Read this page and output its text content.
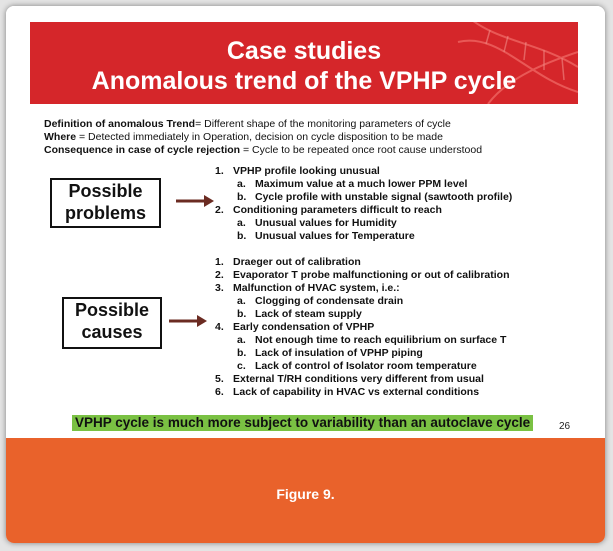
Case studies
Anomalous trend of the VPHP cycle
Definition of anomalous Trend= Different shape of the monitoring parameters of cycle
Where = Detected immediately in Operation, decision on cycle disposition to be made
Consequence in case of cycle rejection = Cycle to be repeated once root cause understood
Possible
problems
1. VPHP profile looking unusual
a. Maximum value at a much lower PPM level
b. Cycle profile with unstable signal (sawtooth profile)
2. Conditioning parameters difficult to reach
a. Unusual values for Humidity
b. Unusual values for Temperature
Possible
causes
1. Draeger out of calibration
2. Evaporator T probe malfunctioning or out of calibration
3. Malfunction of HVAC system, i.e.:
a. Clogging of condensate drain
b. Lack of steam supply
4. Early condensation of VPHP
a. Not enough time to reach equilibrium on surface T
b. Lack of insulation of VPHP piping
c. Lack of control of Isolator room temperature
5. External T/RH conditions very different from usual
6. Lack of capability in HVAC vs external conditions
VPHP cycle is much more subject to variability than an autoclave cycle	26
Figure 9.
